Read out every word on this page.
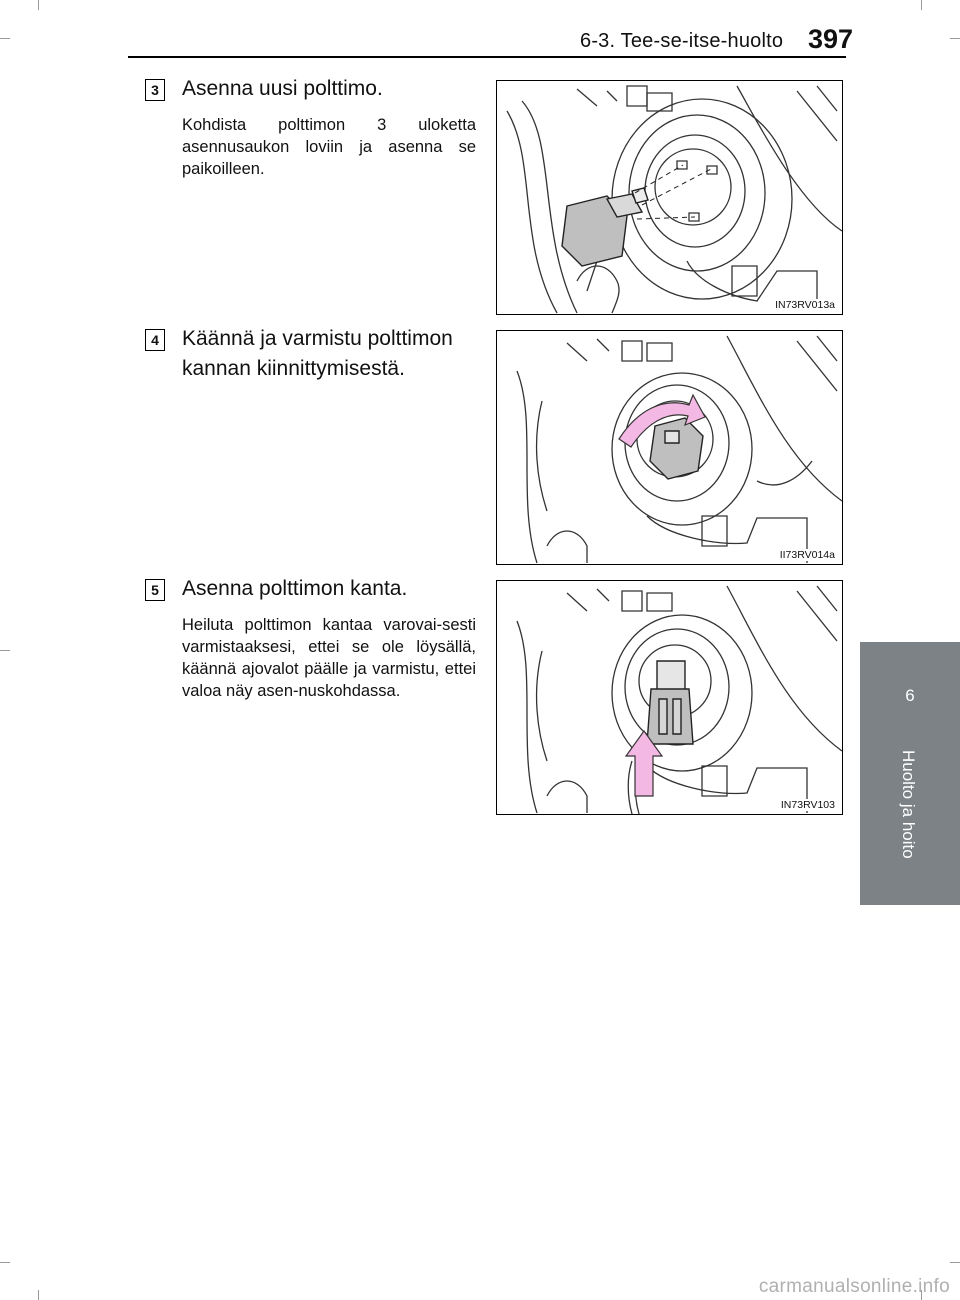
6-3. Tee-se-itse-huolto 397
6
Huolto ja hoito
3 Asenna uusi polttimo.
Kohdista polttimon 3 uloketta asennusaukon loviin ja asenna se paikoilleen.
IN73RV013a
4 Käännä ja varmistu polttimon kannan kiinnittymisestä.
II73RV014a
5 Asenna polttimon kanta.
Heiluta polttimon kantaa varovai-sesti varmistaaksesi, ettei se ole löysällä, käännä ajovalot päälle ja varmistu, ettei valoa näy asen-nuskohdassa.
IN73RV103
carmanualsonline.info
